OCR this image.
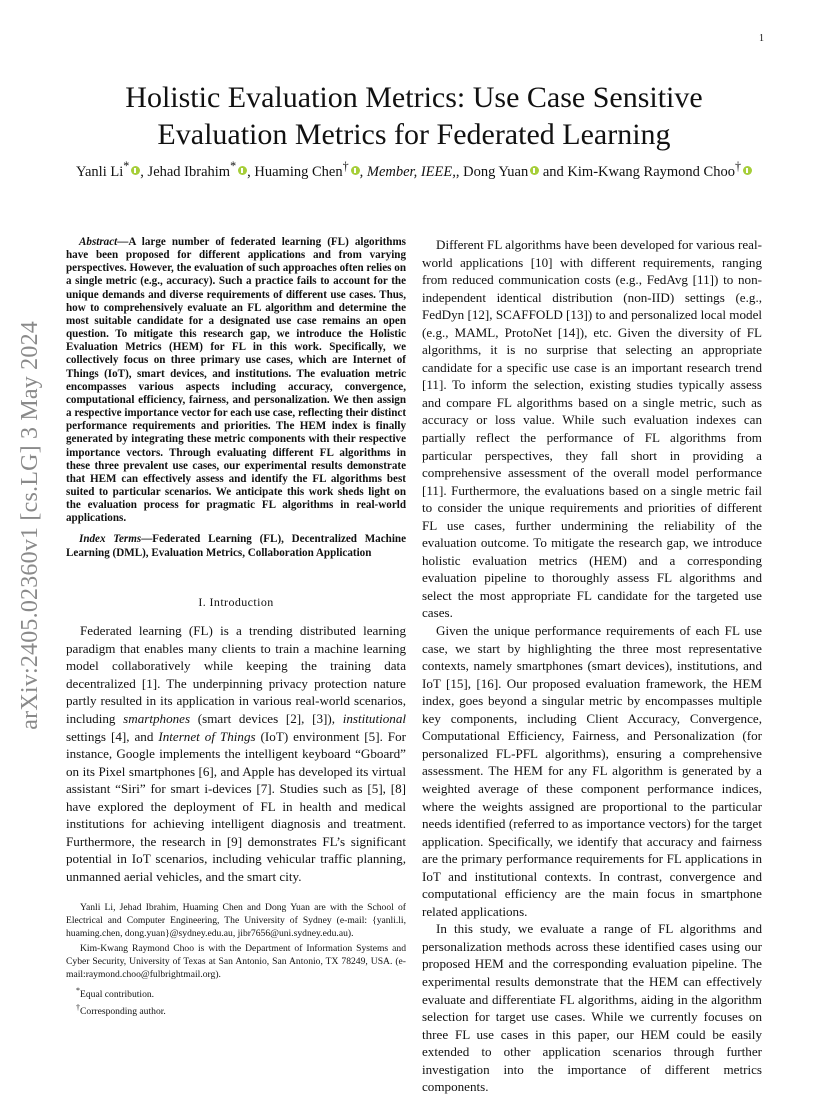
1
arXiv:2405.02360v1 [cs.LG] 3 May 2024
Holistic Evaluation Metrics: Use Case Sensitive Evaluation Metrics for Federated Learning
Yanli Li* , Jehad Ibrahim* , Huaming Chen† , Member, IEEE,, Dong Yuan and Kim-Kwang Raymond Choo†

Abstract—A large number of federated learning (FL) algorithms have been proposed for different applications and from varying perspectives. However, the evaluation of such approaches often relies on a single metric (e.g., accuracy). Such a practice fails to account for the unique demands and diverse requirements of different use cases. Thus, how to comprehensively evaluate an FL algorithm and determine the most suitable candidate for a designated use case remains an open question. To mitigate this research gap, we introduce the Holistic Evaluation Metrics (HEM) for FL in this work. Specifically, we collectively focus on three primary use cases, which are Internet of Things (IoT), smart devices, and institutions. The evaluation metric encompasses various aspects including accuracy, convergence, computational efficiency, fairness, and personalization. We then assign a respective importance vector for each use case, reflecting their distinct performance requirements and priorities. The HEM index is finally generated by integrating these metric components with their respective importance vectors. Through evaluating different FL algorithms in these three prevalent use cases, our experimental results demonstrate that HEM can effectively assess and identify the FL algorithms best suited to particular scenarios. We anticipate this work sheds light on the evaluation process for pragmatic FL algorithms in real-world applications.

Index Terms—Federated Learning (FL), Decentralized Machine Learning (DML), Evaluation Metrics, Collaboration Application

I. Introduction

Federated learning (FL) is a trending distributed learning paradigm that enables many clients to train a machine learning model collaboratively while keeping the training data decentralized [1]. The underpinning privacy protection nature partly resulted in its application in various real-world scenarios, including smartphones (smart devices [2], [3]), institutional settings [4], and Internet of Things (IoT) environment [5]. For instance, Google implements the intelligent keyboard “Gboard” on its Pixel smartphones [6], and Apple has developed its virtual assistant “Siri” for smart i-devices [7]. Studies such as [5], [8] have explored the deployment of FL in health and medical institutions for achieving intelligent diagnosis and treatment. Furthermore, the research in [9] demonstrates FL’s significant potential in IoT scenarios, including vehicular traffic planning, unmanned aerial vehicles, and the smart city.

Yanli Li, Jehad Ibrahim, Huaming Chen and Dong Yuan are with the School of Electrical and Computer Engineering, The University of Sydney (e-mail: {yanli.li, huaming.chen, dong.yuan}@sydney.edu.au, jibr7656@uni.sydney.edu.au).

Kim-Kwang Raymond Choo is with the Department of Information Systems and Cyber Security, University of Texas at San Antonio, San Antonio, TX 78249, USA. (e-mail:raymond.choo@fulbrightmail.org).

*Equal contribution.

†Corresponding author.

Different FL algorithms have been developed for various real-world applications [10] with different requirements, ranging from reduced communication costs (e.g., FedAvg [11]) to non-independent identical distribution (non-IID) settings (e.g., FedDyn [12], SCAFFOLD [13]) to and personalized local model (e.g., MAML, ProtoNet [14]), etc. Given the diversity of FL algorithms, it is no surprise that selecting an appropriate candidate for a specific use case is an important research trend [11]. To inform the selection, existing studies typically assess and compare FL algorithms based on a single metric, such as accuracy or loss value. While such evaluation indexes can partially reflect the performance of FL algorithms from particular perspectives, they fall short in providing a comprehensive assessment of the overall model performance [11]. Furthermore, the evaluations based on a single metric fail to consider the unique requirements and priorities of different FL use cases, further undermining the reliability of the evaluation outcome. To mitigate the research gap, we introduce holistic evaluation metrics (HEM) and a corresponding evaluation pipeline to thoroughly assess FL algorithms and select the most appropriate FL candidate for the targeted use cases.

Given the unique performance requirements of each FL use case, we start by highlighting the three most representative contexts, namely smartphones (smart devices), institutions, and IoT [15], [16]. Our proposed evaluation framework, the HEM index, goes beyond a singular metric by encompasses multiple key components, including Client Accuracy, Convergence, Computational Efficiency, Fairness, and Personalization (for personalized FL-PFL algorithms), ensuring a comprehensive assessment. The HEM for any FL algorithm is generated by a weighted average of these component performance indices, where the weights assigned are proportional to the particular needs identified (referred to as importance vectors) for the target application. Specifically, we identify that accuracy and fairness are the primary performance requirements for FL applications in IoT and institutional contexts. In contrast, convergence and computational efficiency are the main focus in smartphone related applications.

In this study, we evaluate a range of FL algorithms and personalization methods across these identified cases using our proposed HEM and the corresponding evaluation pipeline. The experimental results demonstrate that the HEM can effectively evaluate and differentiate FL algorithms, aiding in the algorithm selection for target use cases. While we currently focuses on three FL use cases in this paper, our HEM could be easily extended to other application scenarios through further investigation into the importance of different metrics components.
